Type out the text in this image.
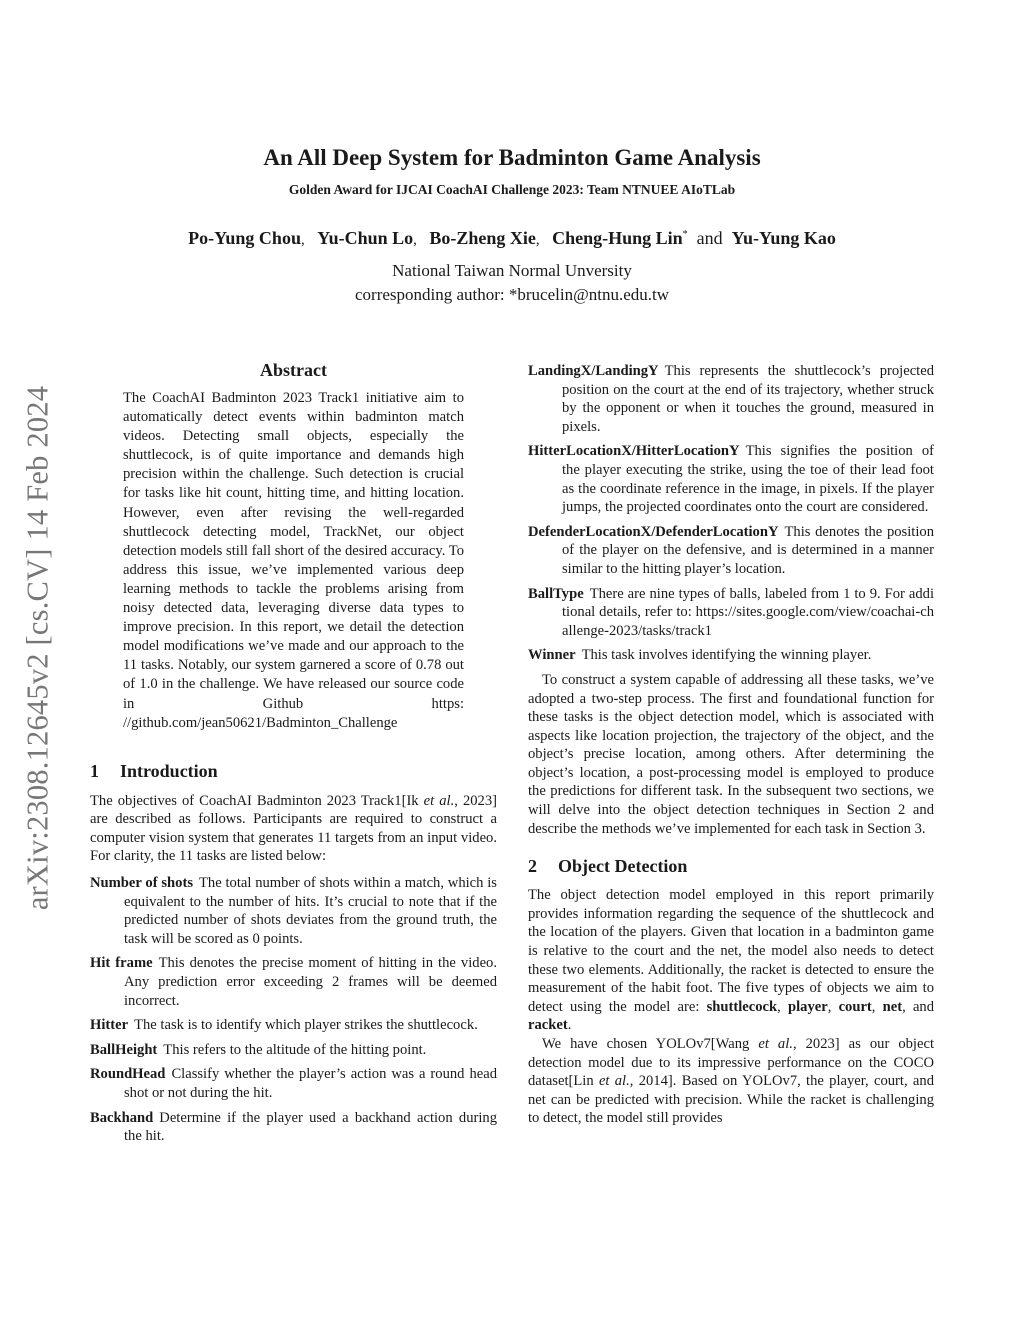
arXiv:2308.12645v2 [cs.CV] 14 Feb 2024
An All Deep System for Badminton Game Analysis
Golden Award for IJCAI CoachAI Challenge 2023: Team NTNUEE AIoTLab
Po-Yung Chou, Yu-Chun Lo, Bo-Zheng Xie, Cheng-Hung Lin* and Yu-Yung Kao
National Taiwan Normal Unversity
corresponding author: *brucelin@ntnu.edu.tw
Abstract

The CoachAI Badminton 2023 Track1 initiative aim to automatically detect events within badminton match videos. Detecting small objects, especially the shuttlecock, is of quite importance and demands high precision within the challenge. Such detection is crucial for tasks like hit count, hitting time, and hitting location. However, even after revising the well-regarded shuttlecock detecting model, TrackNet, our object detection models still fall short of the desired accuracy. To address this issue, we’ve implemented various deep learning methods to tackle the problems arising from noisy detected data, leveraging diverse data types to improve precision. In this report, we detail the detection model modifications we’ve made and our approach to the 11 tasks. Notably, our system garnered a score of 0.78 out of 1.0 in the challenge. We have released our source code in Github https: //github.com/jean50621/Badminton_Challenge

1 Introduction

The objectives of CoachAI Badminton 2023 Track1[Ik et al., 2023] are described as follows. Participants are required to construct a computer vision system that generates 11 targets from an input video. For clarity, the 11 tasks are listed below:

Number of shots The total number of shots within a match, which is equivalent to the number of hits. It’s crucial to note that if the predicted number of shots deviates from the ground truth, the task will be scored as 0 points.

Hit frame This denotes the precise moment of hitting in the video. Any prediction error exceeding 2 frames will be deemed incorrect.

Hitter The task is to identify which player strikes the shuttlecock.

BallHeight This refers to the altitude of the hitting point.

RoundHead Classify whether the player’s action was a round head shot or not during the hit.

Backhand Determine if the player used a backhand action during the hit.

LandingX/LandingY This represents the shuttlecock’s projected position on the court at the end of its trajectory, whether struck by the opponent or when it touches the ground, measured in pixels.

HitterLocationX/HitterLocationY This signifies the position of the player executing the strike, using the toe of their lead foot as the coordinate reference in the image, in pixels. If the player jumps, the projected coordinates onto the court are considered.

DefenderLocationX/DefenderLocationY This denotes the position of the player on the defensive, and is determined in a manner similar to the hitting player’s location.

BallType There are nine types of balls, labeled from 1 to 9. For additional details, refer to: https://sites.google.com/view/coachai-challenge-2023/tasks/track1

Winner This task involves identifying the winning player.

To construct a system capable of addressing all these tasks, we’ve adopted a two-step process. The first and foundational function for these tasks is the object detection model, which is associated with aspects like location projection, the trajectory of the object, and the object’s precise location, among others. After determining the object’s location, a post-processing model is employed to produce the predictions for different task. In the subsequent two sections, we will delve into the object detection techniques in Section 2 and describe the methods we’ve implemented for each task in Section 3.

2 Object Detection

The object detection model employed in this report primarily provides information regarding the sequence of the shuttlecock and the location of the players. Given that location in a badminton game is relative to the court and the net, the model also needs to detect these two elements. Additionally, the racket is detected to ensure the measurement of the habit foot. The five types of objects we aim to detect using the model are: shuttlecock, player, court, net, and racket.

We have chosen YOLOv7[Wang et al., 2023] as our object detection model due to its impressive performance on the COCO dataset[Lin et al., 2014]. Based on YOLOv7, the player, court, and net can be predicted with precision. While the racket is challenging to detect, the model still provides
